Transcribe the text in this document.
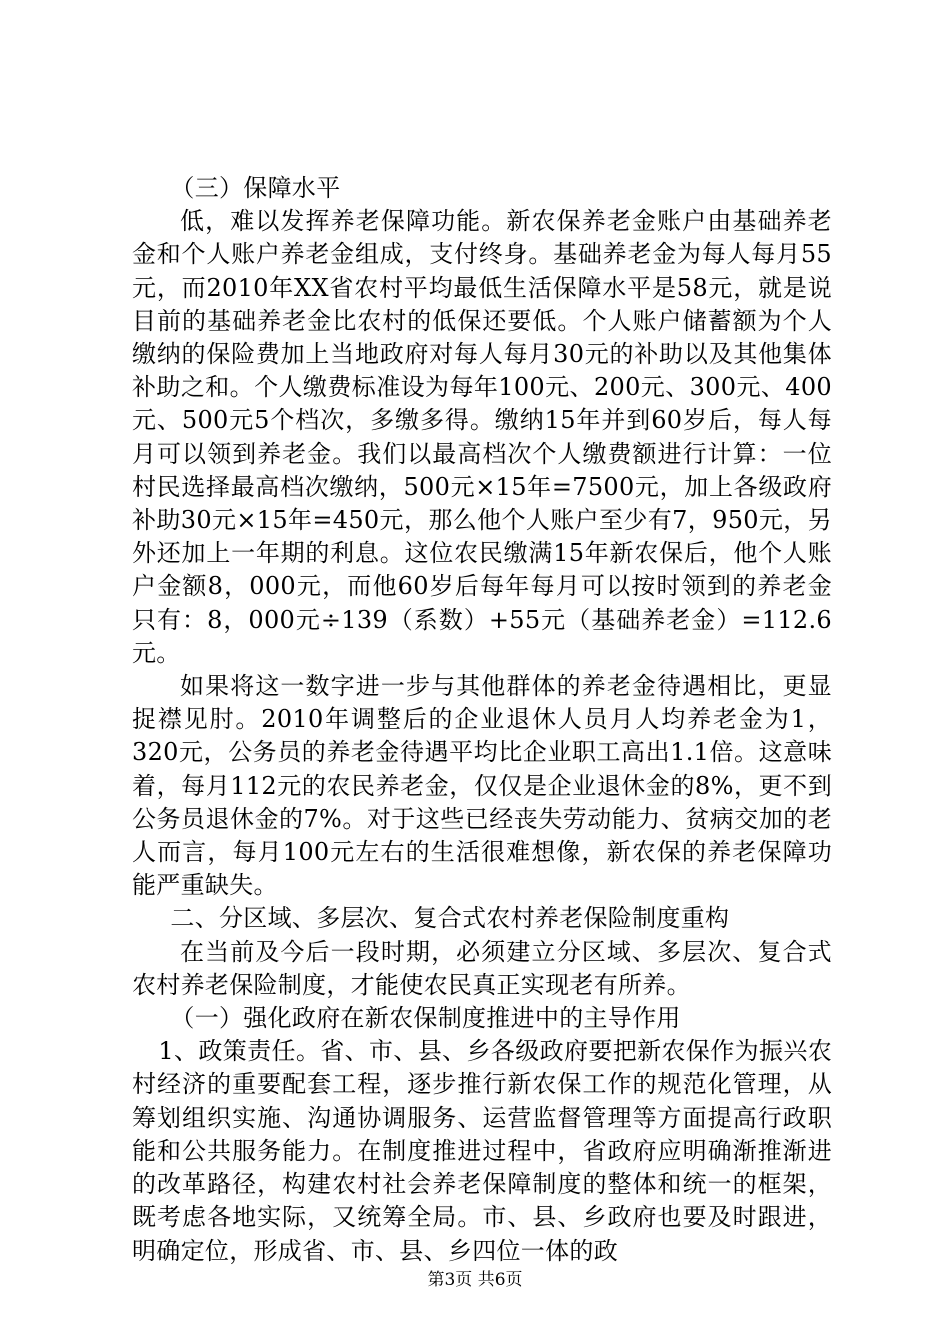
（三）保障水平

低，难以发挥养老保障功能。新农保养老金账户由基础养老金和个人账户养老金组成，支付终身。基础养老金为每人每月55元，而2010年XX省农村平均最低生活保障水平是58元，就是说目前的基础养老金比农村的低保还要低。个人账户储蓄额为个人缴纳的保险费加上当地政府对每人每月30元的补助以及其他集体补助之和。个人缴费标准设为每年100元、200元、300元、400元、500元5个档次，多缴多得。缴纳15年并到60岁后，每人每月可以领到养老金。我们以最高档次个人缴费额进行计算：一位村民选择最高档次缴纳，500元×15年=7500元，加上各级政府补助30元×15年=450元，那么他个人账户至少有7，950元，另外还加上一年期的利息。这位农民缴满15年新农保后，他个人账户金额8，000元，而他60岁后每年每月可以按时领到的养老金只有：8，000元÷139（系数）+55元（基础养老金）=112.6元。

如果将这一数字进一步与其他群体的养老金待遇相比，更显捉襟见肘。2010年调整后的企业退休人员月人均养老金为1，320元，公务员的养老金待遇平均比企业职工高出1.1倍。这意味着，每月112元的农民养老金，仅仅是企业退休金的8%，更不到公务员退休金的7%。对于这些已经丧失劳动能力、贫病交加的老人而言，每月100元左右的生活很难想像，新农保的养老保障功能严重缺失。

二、分区域、多层次、复合式农村养老保险制度重构

在当前及今后一段时期，必须建立分区域、多层次、复合式农村养老保险制度，才能使农民真正实现老有所养。

（一）强化政府在新农保制度推进中的主导作用

1、政策责任。省、市、县、乡各级政府要把新农保作为振兴农村经济的重要配套工程，逐步推行新农保工作的规范化管理，从筹划组织实施、沟通协调服务、运营监督管理等方面提高行政职能和公共服务能力。在制度推进过程中，省政府应明确渐推渐进的改革路径，构建农村社会养老保障制度的整体和统一的框架，既考虑各地实际，又统筹全局。市、县、乡政府也要及时跟进，明确定位，形成省、市、县、乡四位一体的政

第3页 共6页
